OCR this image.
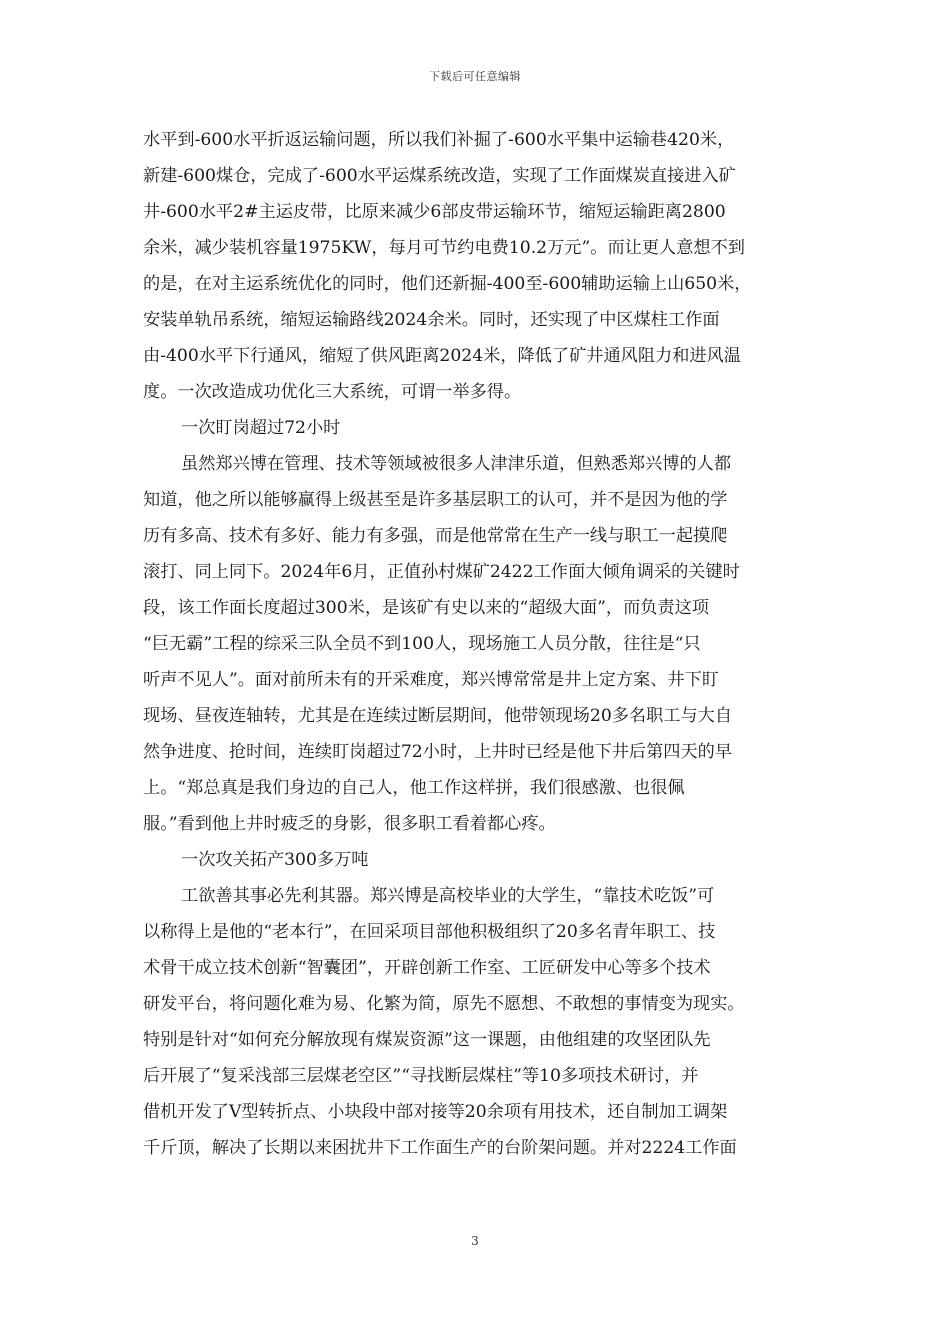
下载后可任意编辑
水平到-600水平折返运输问题，所以我们补掘了-600水平集中运输巷420米，
新建-600煤仓，完成了-600水平运煤系统改造，实现了工作面煤炭直接进入矿
井-600水平2#主运皮带，比原来减少6部皮带运输环节，缩短运输距离2800
余米，减少装机容量1975KW，每月可节约电费10.2万元”。而让更人意想不到
的是，在对主运系统优化的同时，他们还新掘-400至-600辅助运输上山650米，
安装单轨吊系统，缩短运输路线2024余米。同时，还实现了中区煤柱工作面
由-400水平下行通风，缩短了供风距离2024米，降低了矿井通风阻力和进风温
度。一次改造成功优化三大系统，可谓一举多得。
一次盯岗超过72小时
虽然郑兴博在管理、技术等领域被很多人津津乐道，但熟悉郑兴博的人都
知道，他之所以能够赢得上级甚至是许多基层职工的认可，并不是因为他的学
历有多高、技术有多好、能力有多强，而是他常常在生产一线与职工一起摸爬
滚打、同上同下。2024年6月，正值孙村煤矿2422工作面大倾角调采的关键时
段，该工作面长度超过300米，是该矿有史以来的“超级大面”，而负责这项
“巨无霸”工程的综采三队全员不到100人，现场施工人员分散，往往是“只
听声不见人”。面对前所未有的开采难度，郑兴博常常是井上定方案、井下盯
现场、昼夜连轴转，尤其是在连续过断层期间，他带领现场20多名职工与大自
然争进度、抢时间，连续盯岗超过72小时，上井时已经是他下井后第四天的早
上。“郑总真是我们身边的自己人，他工作这样拼，我们很感激、也很佩
服。”看到他上井时疲乏的身影，很多职工看着都心疼。
一次攻关拓产300多万吨
工欲善其事必先利其器。郑兴博是高校毕业的大学生，“靠技术吃饭”可
以称得上是他的“老本行”，在回采项目部他积极组织了20多名青年职工、技
术骨干成立技术创新“智囊团”，开辟创新工作室、工匠研发中心等多个技术
研发平台，将问题化难为易、化繁为简，原先不愿想、不敢想的事情变为现实。
特别是针对“如何充分解放现有煤炭资源”这一课题，由他组建的攻坚团队先
后开展了“复采浅部三层煤老空区”“寻找断层煤柱”等10多项技术研讨，并
借机开发了V型转折点、小块段中部对接等20余项有用技术，还自制加工调架
千斤顶，解决了长期以来困扰井下工作面生产的台阶架问题。并对2224工作面
3
